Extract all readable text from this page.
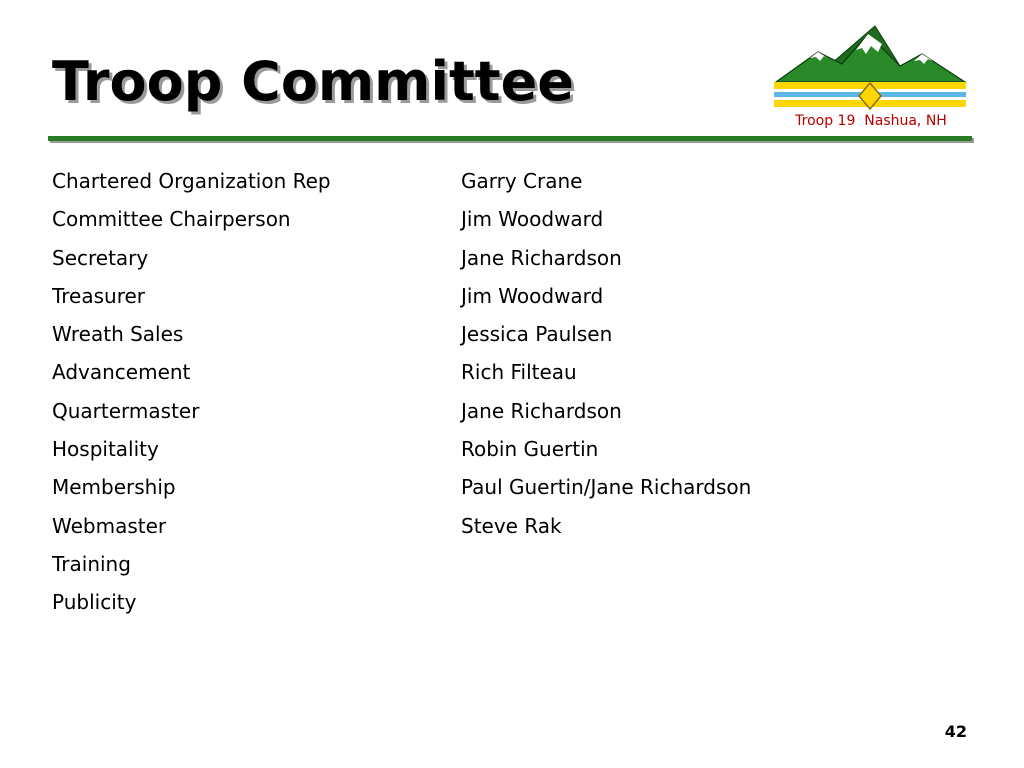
Troop Committee
Troop 19  Nashua, NH
Chartered Organization Rep	Garry Crane
Committee Chairperson	Jim Woodward
Secretary	Jane Richardson
Treasurer	Jim Woodward
Wreath Sales	Jessica Paulsen
Advancement	Rich Filteau
Quartermaster	Jane Richardson
Hospitality	Robin Guertin
Membership	Paul Guertin/Jane Richardson
Webmaster	Steve Rak
Training
Publicity
42
